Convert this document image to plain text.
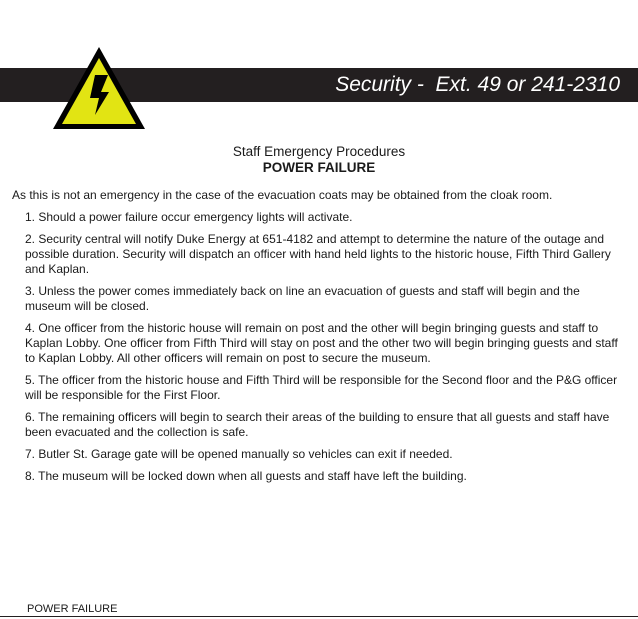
Security -  Ext. 49 or 241-2310
Staff Emergency Procedures
POWER FAILURE
As this is not an emergency in the case of the evacuation coats may be obtained from the cloak room.
1. Should a power failure occur emergency lights will activate.
2. Security central will notify Duke Energy at 651-4182 and attempt to determine the nature of the outage and possible duration. Security will dispatch an officer with hand held lights to the historic house, Fifth Third Gallery and Kaplan.
3. Unless the power comes immediately back on line an evacuation of guests and staff will begin and the museum will be closed.
4. One officer from the historic house will remain on post and the other will begin bringing guests and staff to Kaplan Lobby. One officer from Fifth Third will stay on post and the other two will begin bringing guests and staff to Kaplan Lobby. All other officers will remain on post to secure the museum.
5. The officer from the historic house and Fifth Third will be responsible for the Second floor and the P&G officer will be responsible for the First Floor.
6. The remaining officers will begin to search their areas of the building to ensure that all guests and staff have been evacuated and the collection is safe.
7. Butler St. Garage gate will be opened manually so vehicles can exit if needed.
8. The museum will be locked down when all guests and staff have left the building.
POWER FAILURE
